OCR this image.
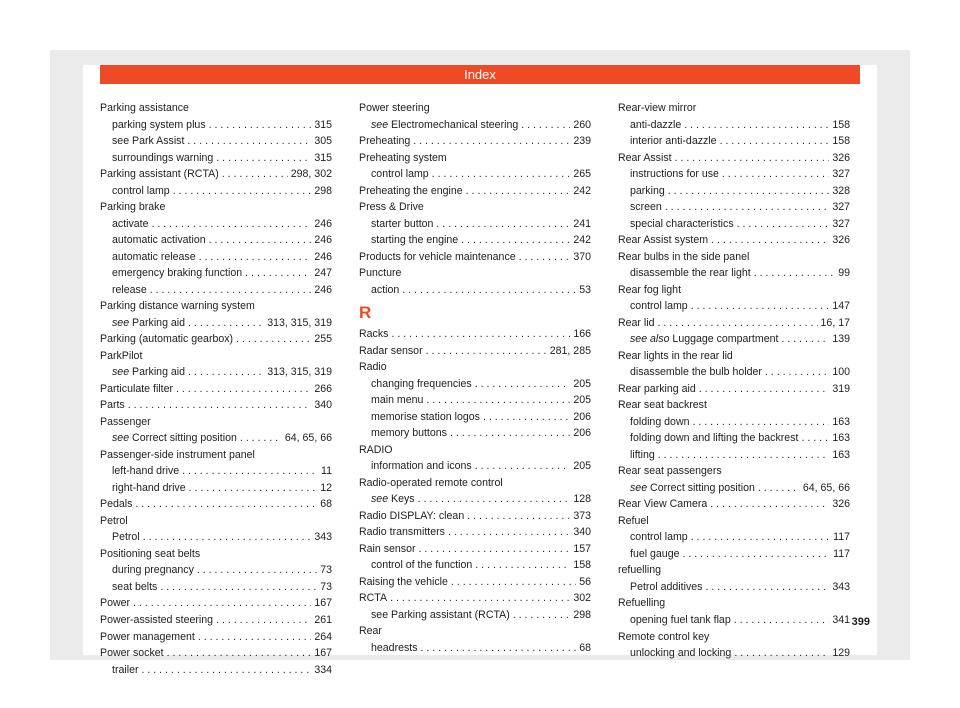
Index
Parking assistance
parking system plus . . .	315
see Park Assist . . .	305
surroundings warning . . .	315
Parking assistant (RCTA) . . .	298, 302
control lamp . . .	298
Parking brake
activate . . .	246
automatic activation . . .	246
automatic release . . .	246
emergency braking function . . .	247
release . . .	246
Parking distance warning system
see Parking aid . . .	313, 315, 319
Parking (automatic gearbox) . . .	255
ParkPilot
see Parking aid . . .	313, 315, 319
Particulate filter . . .	266
Parts . . .	340
Passenger
see Correct sitting position . . .	64, 65, 66
Passenger-side instrument panel
left-hand drive . . .	11
right-hand drive . . .	12
Pedals . . .	68
Petrol
Petrol . . .	343
Positioning seat belts
during pregnancy . . .	73
seat belts . . .	73
Power . . .	167
Power-assisted steering . . .	261
Power management . . .	264
Power socket . . .	167
trailer . . .	334
Power steering
see Electromechanical steering . . .	260
Preheating . . .	239
Preheating system
control lamp . . .	265
Preheating the engine . . .	242
Press & Drive
starter button . . .	241
starting the engine . . .	242
Products for vehicle maintenance . . .	370
Puncture
action . . .	53
R
Racks . . .	166
Radar sensor . . .	281, 285
Radio
changing frequencies . . .	205
main menu . . .	205
memorise station logos . . .	206
memory buttons . . .	206
RADIO
information and icons . . .	205
Radio-operated remote control
see Keys . . .	128
Radio DISPLAY: clean . . .	373
Radio transmitters . . .	340
Rain sensor . . .	157
control of the function . . .	158
Raising the vehicle . . .	56
RCTA . . .	302
see Parking assistant (RCTA) . . .	298
Rear
headrests . . .	68
Rear-view mirror
anti-dazzle . . .	158
interior anti-dazzle . . .	158
Rear Assist . . .	326
instructions for use . . .	327
parking . . .	328
screen . . .	327
special characteristics . . .	327
Rear Assist system . . .	326
Rear bulbs in the side panel
disassemble the rear light . . .	99
Rear fog light
control lamp . . .	147
Rear lid . . .	16, 17
see also Luggage compartment . . .	139
Rear lights in the rear lid
disassemble the bulb holder . . .	100
Rear parking aid . . .	319
Rear seat backrest
folding down . . .	163
folding down and lifting the backrest . . .	163
lifting . . .	163
Rear seat passengers
see Correct sitting position . . .	64, 65, 66
Rear View Camera . . .	326
Refuel
control lamp . . .	117
fuel gauge . . .	117
refuelling
Petrol additives . . .	343
Refuelling
opening fuel tank flap . . .	341
Remote control key
unlocking and locking . . .	129
399
